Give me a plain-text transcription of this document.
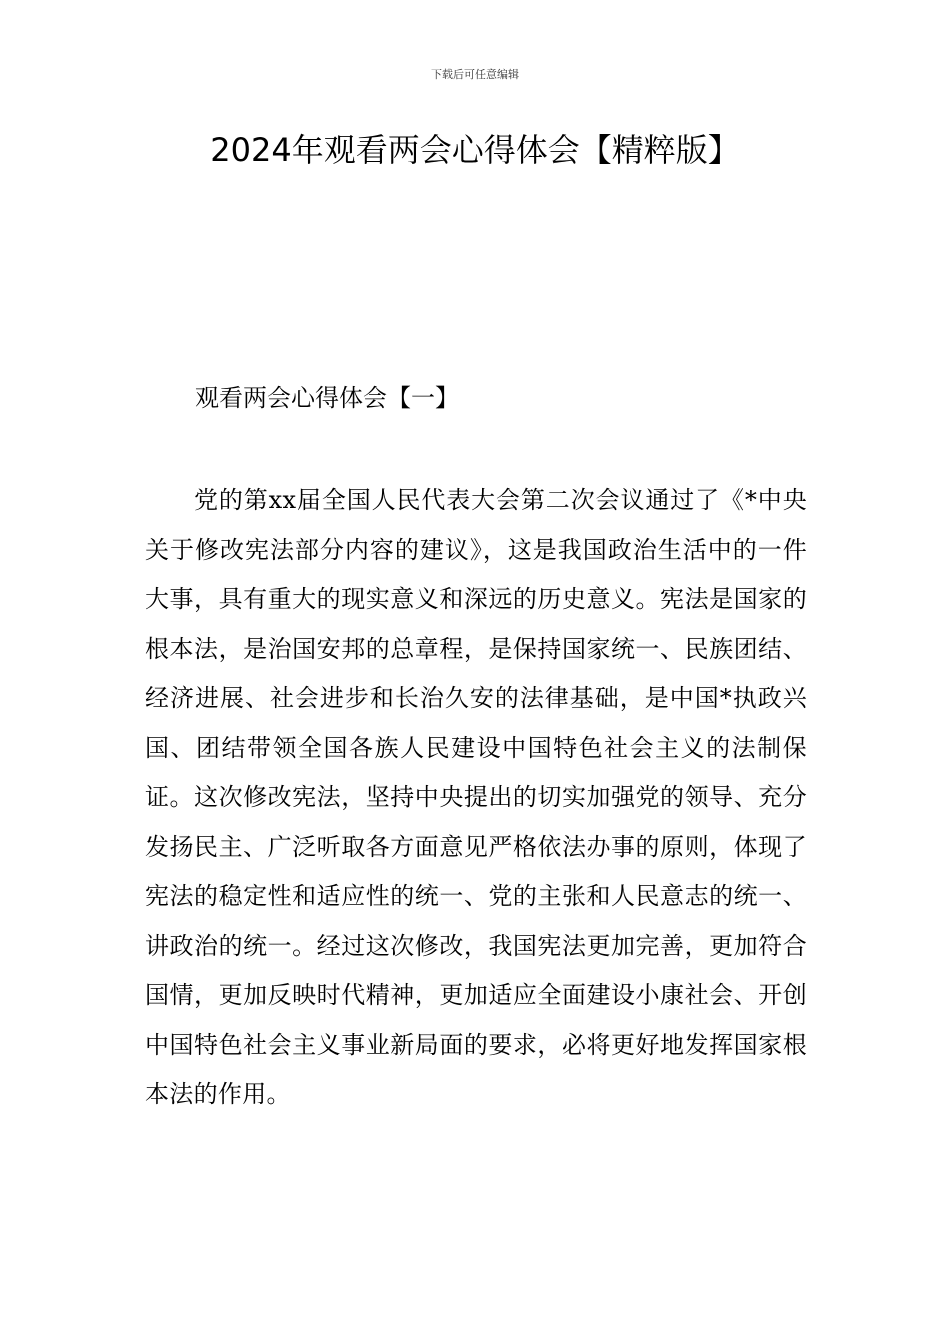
下载后可任意编辑
2024年观看两会心得体会【精粹版】
观看两会心得体会【一】

党的第xx届全国人民代表大会第二次会议通过了《*中央关于修改宪法部分内容的建议》，这是我国政治生活中的一件大事，具有重大的现实意义和深远的历史意义。宪法是国家的根本法，是治国安邦的总章程，是保持国家统一、民族团结、经济进展、社会进步和长治久安的法律基础，是中国*执政兴国、团结带领全国各族人民建设中国特色社会主义的法制保证。这次修改宪法，坚持中央提出的切实加强党的领导、充分发扬民主、广泛听取各方面意见严格依法办事的原则，体现了宪法的稳定性和适应性的统一、党的主张和人民意志的统一、讲政治的统一。经过这次修改，我国宪法更加完善，更加符合国情，更加反映时代精神，更加适应全面建设小康社会、开创中国特色社会主义事业新局面的要求，必将更好地发挥国家根本法的作用。
